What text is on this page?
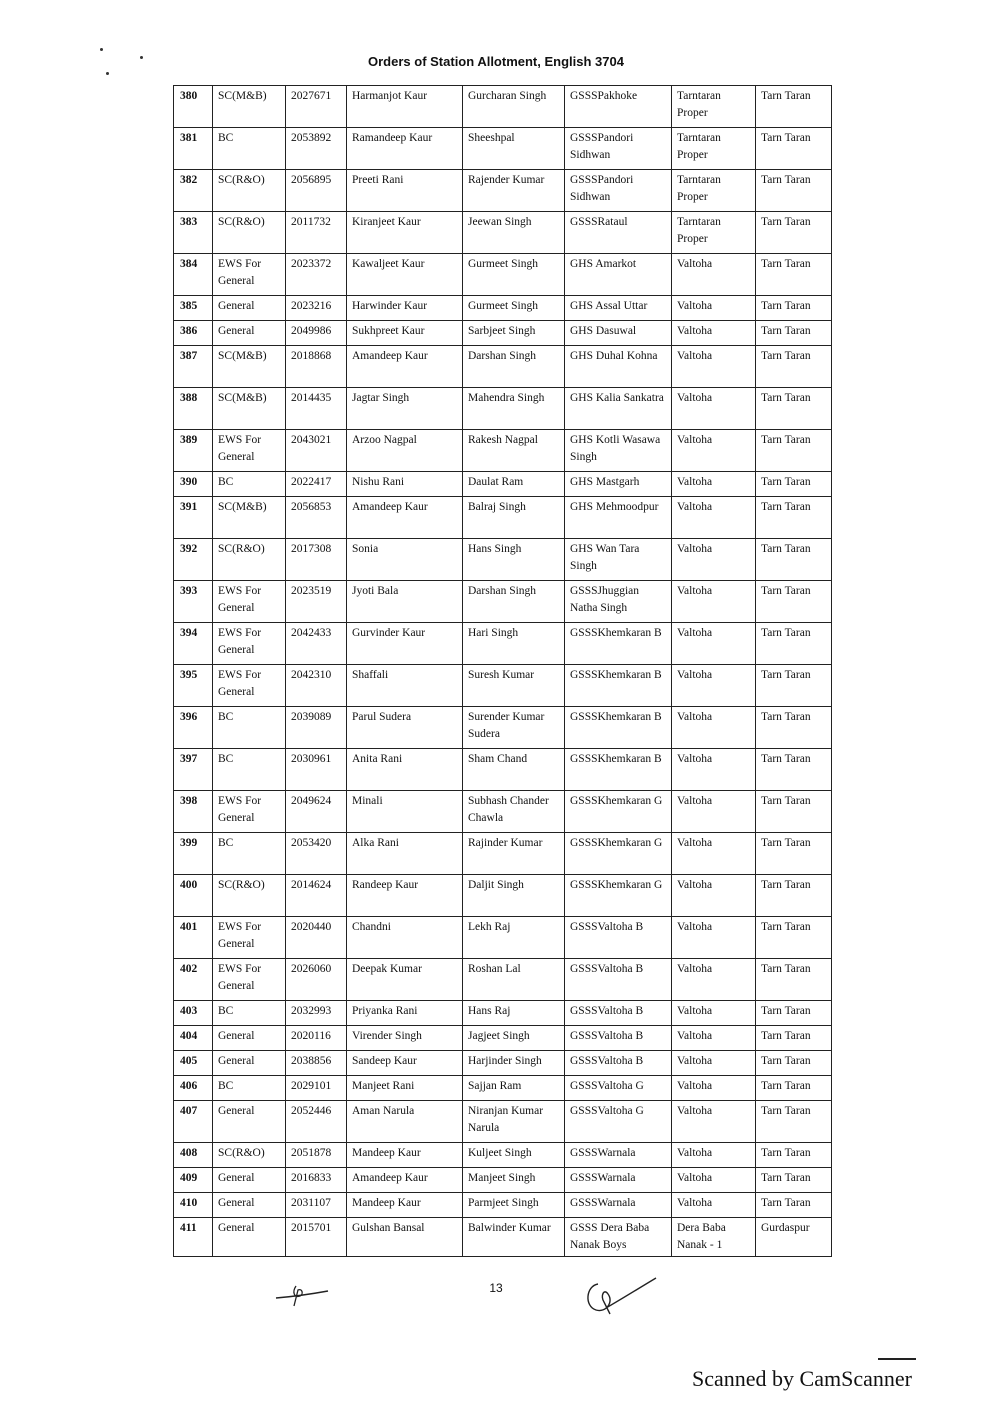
Orders of Station Allotment, English 3704
380	SC(M&B)	2027671	Harmanjot Kaur	Gurcharan Singh	GSSSPakhoke	Tarntaran Proper	Tarn Taran
381	BC	2053892	Ramandeep Kaur	Sheeshpal	GSSSPandori Sidhwan	Tarntaran Proper	Tarn Taran
382	SC(R&O)	2056895	Preeti Rani	Rajender Kumar	GSSSPandori Sidhwan	Tarntaran Proper	Tarn Taran
383	SC(R&O)	2011732	Kiranjeet Kaur	Jeewan Singh	GSSSRataul	Tarntaran Proper	Tarn Taran
384	EWS For General	2023372	Kawaljeet Kaur	Gurmeet Singh	GHS Amarkot	Valtoha	Tarn Taran
385	General	2023216	Harwinder Kaur	Gurmeet Singh	GHS Assal Uttar	Valtoha	Tarn Taran
386	General	2049986	Sukhpreet Kaur	Sarbjeet Singh	GHS Dasuwal	Valtoha	Tarn Taran
387	SC(M&B)	2018868	Amandeep Kaur	Darshan Singh	GHS Duhal Kohna	Valtoha	Tarn Taran
388	SC(M&B)	2014435	Jagtar Singh	Mahendra Singh	GHS Kalia Sankatra	Valtoha	Tarn Taran
389	EWS For General	2043021	Arzoo Nagpal	Rakesh Nagpal	GHS Kotli Wasawa Singh	Valtoha	Tarn Taran
390	BC	2022417	Nishu Rani	Daulat Ram	GHS Mastgarh	Valtoha	Tarn Taran
391	SC(M&B)	2056853	Amandeep Kaur	Balraj Singh	GHS Mehmoodpur	Valtoha	Tarn Taran
392	SC(R&O)	2017308	Sonia	Hans Singh	GHS Wan Tara Singh	Valtoha	Tarn Taran
393	EWS For General	2023519	Jyoti Bala	Darshan Singh	GSSSJhuggian Natha Singh	Valtoha	Tarn Taran
394	EWS For General	2042433	Gurvinder Kaur	Hari Singh	GSSSKhemkaran B	Valtoha	Tarn Taran
395	EWS For General	2042310	Shaffali	Suresh Kumar	GSSSKhemkaran B	Valtoha	Tarn Taran
396	BC	2039089	Parul Sudera	Surender Kumar Sudera	GSSSKhemkaran B	Valtoha	Tarn Taran
397	BC	2030961	Anita Rani	Sham Chand	GSSSKhemkaran B	Valtoha	Tarn Taran
398	EWS For General	2049624	Minali	Subhash Chander Chawla	GSSSKhemkaran G	Valtoha	Tarn Taran
399	BC	2053420	Alka Rani	Rajinder Kumar	GSSSKhemkaran G	Valtoha	Tarn Taran
400	SC(R&O)	2014624	Randeep Kaur	Daljit Singh	GSSSKhemkaran G	Valtoha	Tarn Taran
401	EWS For General	2020440	Chandni	Lekh Raj	GSSSValtoha B	Valtoha	Tarn Taran
402	EWS For General	2026060	Deepak Kumar	Roshan Lal	GSSSValtoha B	Valtoha	Tarn Taran
403	BC	2032993	Priyanka Rani	Hans Raj	GSSSValtoha B	Valtoha	Tarn Taran
404	General	2020116	Virender Singh	Jagjeet Singh	GSSSValtoha B	Valtoha	Tarn Taran
405	General	2038856	Sandeep Kaur	Harjinder Singh	GSSSValtoha B	Valtoha	Tarn Taran
406	BC	2029101	Manjeet Rani	Sajjan Ram	GSSSValtoha G	Valtoha	Tarn Taran
407	General	2052446	Aman Narula	Niranjan Kumar Narula	GSSSValtoha G	Valtoha	Tarn Taran
408	SC(R&O)	2051878	Mandeep Kaur	Kuljeet Singh	GSSSWarnala	Valtoha	Tarn Taran
409	General	2016833	Amandeep Kaur	Manjeet Singh	GSSSWarnala	Valtoha	Tarn Taran
410	General	2031107	Mandeep Kaur	Parmjeet Singh	GSSSWarnala	Valtoha	Tarn Taran
411	General	2015701	Gulshan Bansal	Balwinder Kumar	GSSS Dera Baba Nanak Boys	Dera Baba Nanak - 1	Gurdaspur
13
Scanned by CamScanner
